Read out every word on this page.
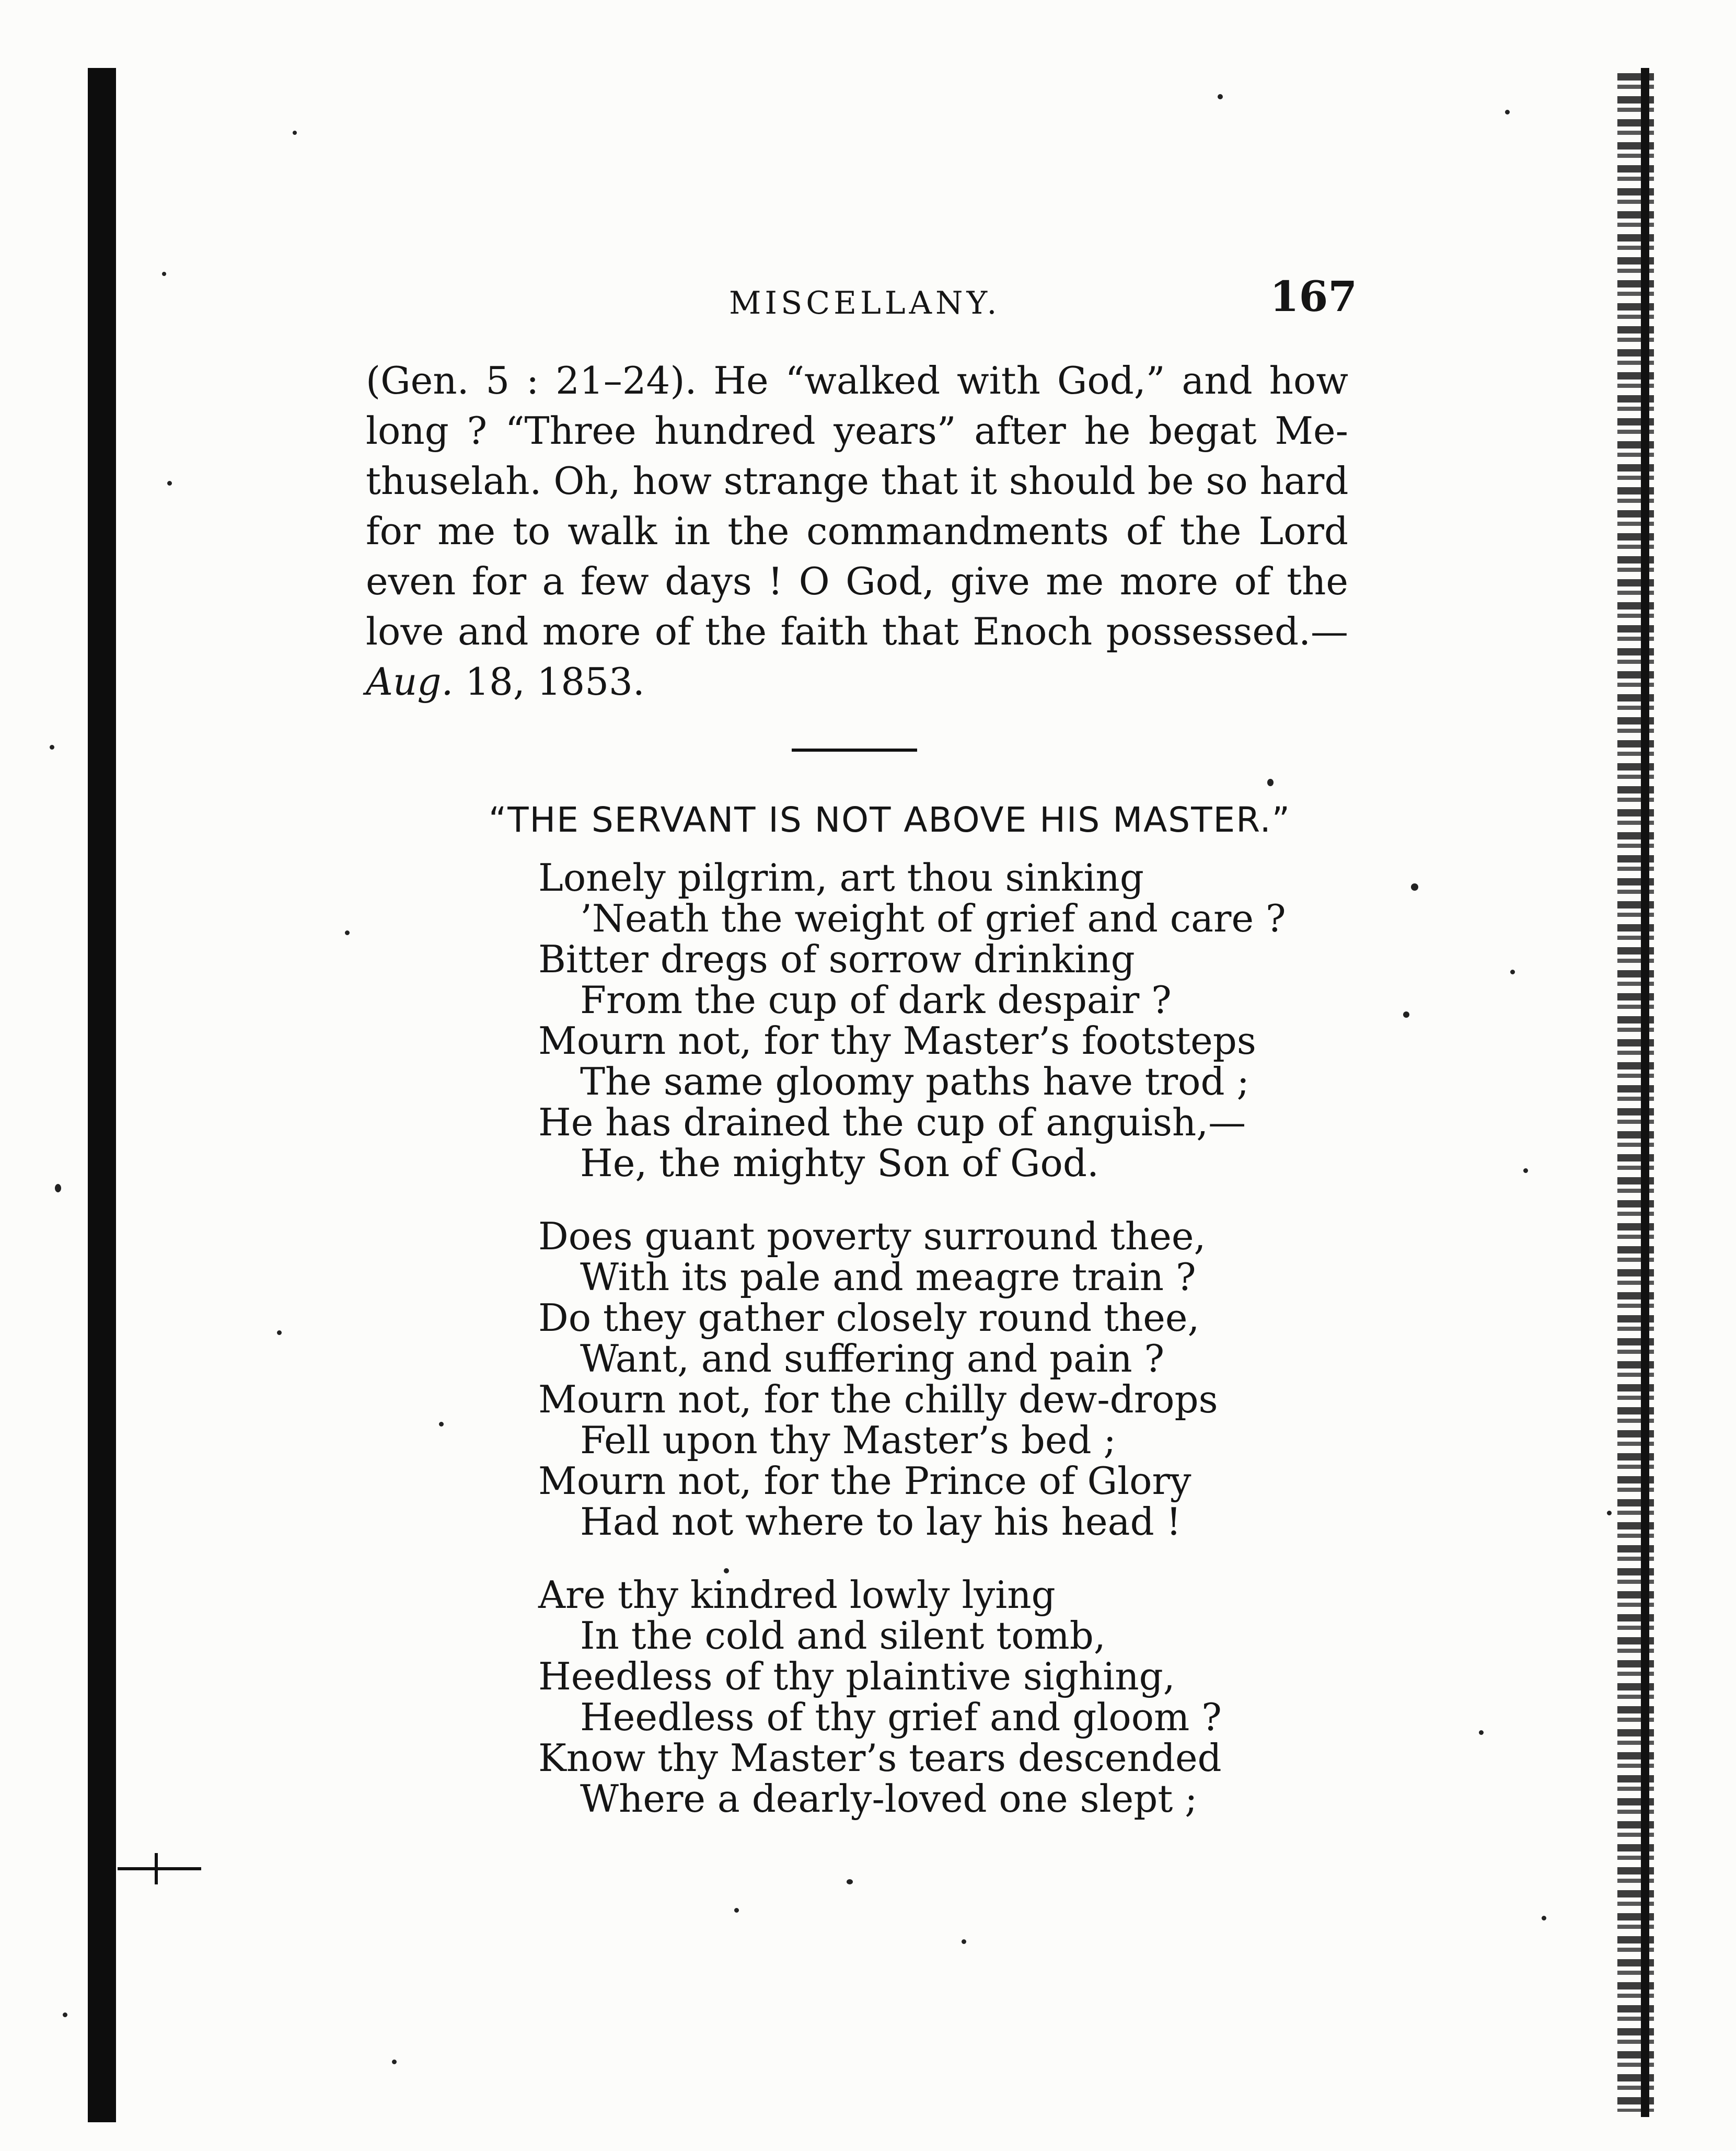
MISCELLANY.	167
(Gen. 5 : 21–24). He “walked with God,” and how
long ? “Three hundred years” after he begat Me-
thuselah. Oh, how strange that it should be so hard
for me to walk in the commandments of the Lord
even for a few days ! O God, give me more of the
love and more of the faith that Enoch possessed.—
Aug. 18, 1853.
“THE SERVANT IS NOT ABOVE HIS MASTER.”
Lonely pilgrim, art thou sinking
’Neath the weight of grief and care ?
Bitter dregs of sorrow drinking
From the cup of dark despair ?
Mourn not, for thy Master’s footsteps
The same gloomy paths have trod ;
He has drained the cup of anguish,—
He, the mighty Son of God.
Does guant poverty surround thee,
With its pale and meagre train ?
Do they gather closely round thee,
Want, and suffering and pain ?
Mourn not, for the chilly dew-drops
Fell upon thy Master’s bed ;
Mourn not, for the Prince of Glory
Had not where to lay his head !
Are thy kindred lowly lying
In the cold and silent tomb,
Heedless of thy plaintive sighing,
Heedless of thy grief and gloom ?
Know thy Master’s tears descended
Where a dearly-loved one slept ;
